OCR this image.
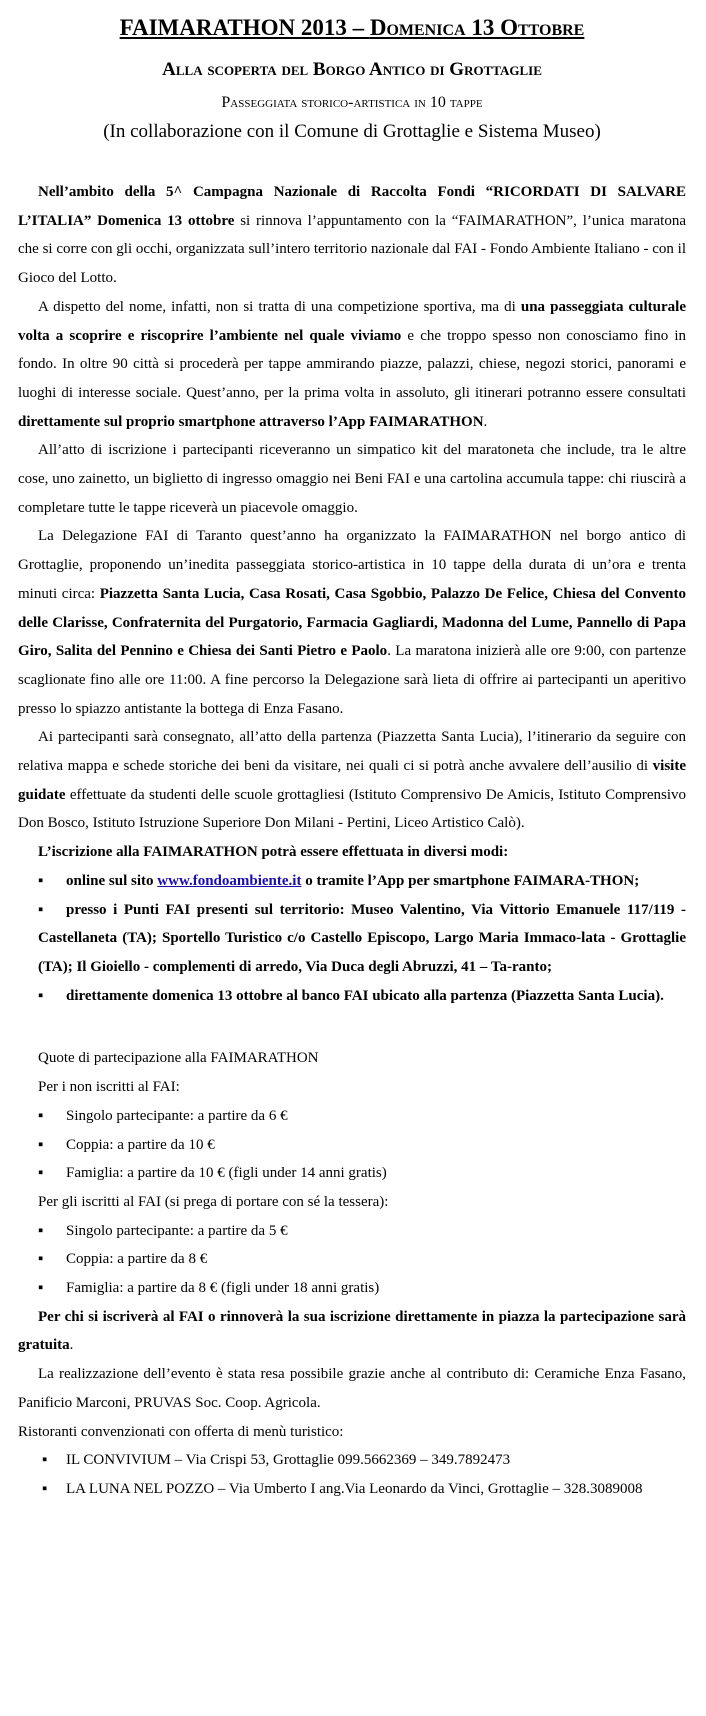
FAIMARATHON 2013 – Domenica 13 Ottobre
Alla scoperta del Borgo Antico di Grottaglie
Passeggiata storico-artistica in 10 tappe
(In collaborazione con il Comune di Grottaglie e Sistema Museo)

Nell’ambito della 5^ Campagna Nazionale di Raccolta Fondi “RICORDATI DI SALVARE L’ITALIA” Domenica 13 ottobre si rinnova l’appuntamento con la “FAIMARATHON”, l’unica maratona che si corre con gli occhi, organizzata sull’intero territorio nazionale dal FAI - Fondo Ambiente Italiano - con il Gioco del Lotto.

A dispetto del nome, infatti, non si tratta di una competizione sportiva, ma di una passeggiata culturale volta a scoprire e riscoprire l’ambiente nel quale viviamo e che troppo spesso non conosciamo fino in fondo. In oltre 90 città si procederà per tappe ammirando piazze, palazzi, chiese, negozi storici, panorami e luoghi di interesse sociale. Quest’anno, per la prima volta in assoluto, gli itinerari potranno essere consultati direttamente sul proprio smartphone attraverso l’App FAIMARATHON.

All’atto di iscrizione i partecipanti riceveranno un simpatico kit del maratoneta che include, tra le altre cose, uno zainetto, un biglietto di ingresso omaggio nei Beni FAI e una cartolina accumula tappe: chi riuscirà a completare tutte le tappe riceverà un piacevole omaggio.

La Delegazione FAI di Taranto quest’anno ha organizzato la FAIMARATHON nel borgo antico di Grottaglie, proponendo un’inedita passeggiata storico-artistica in 10 tappe della durata di un’ora e trenta minuti circa: Piazzetta Santa Lucia, Casa Rosati, Casa Sgobbio, Palazzo De Felice, Chiesa del Convento delle Clarisse, Confraternita del Purgatorio, Farmacia Gagliardi, Madonna del Lume, Pannello di Papa Giro, Salita del Pennino e Chiesa dei Santi Pietro e Paolo. La maratona inizierà alle ore 9:00, con partenze scaglionate fino alle ore 11:00. A fine percorso la Delegazione sarà lieta di offrire ai partecipanti un aperitivo presso lo spiazzo antistante la bottega di Enza Fasano.

Ai partecipanti sarà consegnato, all’atto della partenza (Piazzetta Santa Lucia), l’itinerario da seguire con relativa mappa e schede storiche dei beni da visitare, nei quali ci si potrà anche avvalere dell’ausilio di visite guidate effettuate da studenti delle scuole grottagliesi (Istituto Comprensivo De Amicis, Istituto Comprensivo Don Bosco, Istituto Istruzione Superiore Don Milani - Pertini, Liceo Artistico Calò).

L’iscrizione alla FAIMARATHON potrà essere effettuata in diversi modi:

▪ online sul sito www.fondoambiente.it o tramite l’App per smartphone FAIMARA-THON;
▪ presso i Punti FAI presenti sul territorio: Museo Valentino, Via Vittorio Emanuele 117/119 - Castellaneta (TA); Sportello Turistico c/o Castello Episcopo, Largo Maria Immaco-lata - Grottaglie (TA); Il Gioiello - complementi di arredo, Via Duca degli Abruzzi, 41 – Ta-ranto;
▪ direttamente domenica 13 ottobre al banco FAI ubicato alla partenza (Piazzetta Santa Lucia).
Quote di partecipazione alla FAIMARATHON
Per i non iscritti al FAI:
▪ Singolo partecipante: a partire da 6 €
▪ Coppia: a partire da 10 €
▪ Famiglia: a partire da 10 € (figli under 14 anni gratis)
Per gli iscritti al FAI (si prega di portare con sé la tessera):
▪ Singolo partecipante: a partire da 5 €
▪ Coppia: a partire da 8 €
▪ Famiglia: a partire da 8 € (figli under 18 anni gratis)

Per chi si iscriverà al FAI o rinnoverà la sua iscrizione direttamente in piazza la partecipazione sarà gratuita.

La realizzazione dell’evento è stata resa possibile grazie anche al contributo di: Ceramiche Enza Fasano, Panificio Marconi, PRUVAS Soc. Coop. Agricola.

Ristoranti convenzionati con offerta di menù turistico:
▪ IL CONVIVIUM – Via Crispi 53, Grottaglie 099.5662369 – 349.7892473
▪ LA LUNA NEL POZZO – Via Umberto I ang.Via Leonardo da Vinci, Grottaglie – 328.3089008
